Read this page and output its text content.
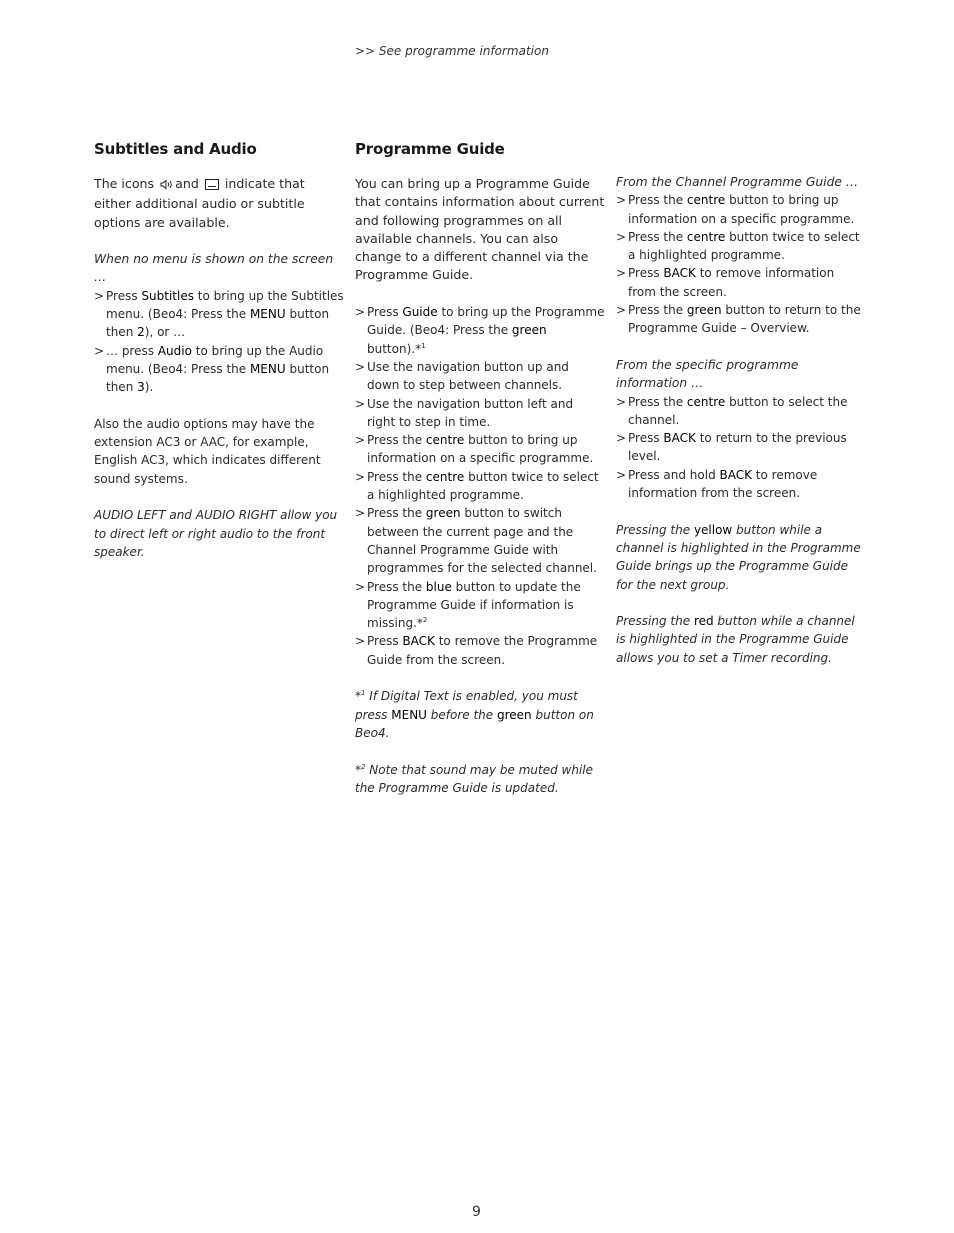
>> See programme information
Subtitles and Audio

The icons and indicate that either additional audio or subtitle options are available.

When no menu is shown on the screen …

> Press Subtitles to bring up the Subtitles menu. (Beo4: Press the MENU button then 2), or …
> … press Audio to bring up the Audio menu. (Beo4: Press the MENU button then 3).

Also the audio options may have the extension AC3 or AAC, for example, English AC3, which indicates different sound systems.

AUDIO LEFT and AUDIO RIGHT allow you to direct left or right audio to the front speaker.

Programme Guide

You can bring up a Programme Guide that contains information about current and following programmes on all available channels. You can also change to a different channel via the Programme Guide.

> Press Guide to bring up the Programme Guide. (Beo4: Press the green button).*$^1$
> Use the navigation button up and down to step between channels.
> Use the navigation button left and right to step in time.
> Press the centre button to bring up information on a specific programme.
> Press the centre button twice to select a highlighted programme.
> Press the green button to switch between the current page and the Channel Programme Guide with programmes for the selected channel.
> Press the blue button to update the Programme Guide if information is missing.*$^2$
> Press BACK to remove the Programme Guide from the screen.

*$^1$ If Digital Text is enabled, you must press MENU before the green button on Beo4.

*$^2$ Note that sound may be muted while the Programme Guide is updated.

From the Channel Programme Guide …

> Press the centre button to bring up information on a specific programme.
> Press the centre button twice to select a highlighted programme.
> Press BACK to remove information from the screen.
> Press the green button to return to the Programme Guide – Overview.

From the specific programme information …

> Press the centre button to select the channel.
> Press BACK to return to the previous level.
> Press and hold BACK to remove information from the screen.

Pressing the yellow button while a channel is highlighted in the Programme Guide brings up the Programme Guide for the next group.

Pressing the red button while a channel is highlighted in the Programme Guide allows you to set a Timer recording.

9
